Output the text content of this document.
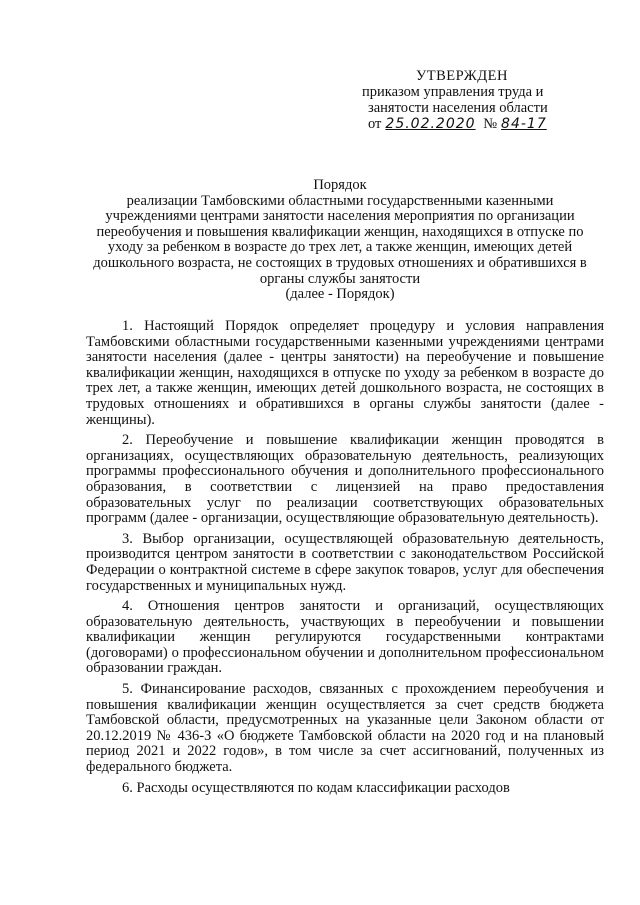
УТВЕРЖДЕН
приказом управления труда и
занятости населения области
от 25.02.2020 № 84-17
Порядок
реализации Тамбовскими областными государственными казенными
учреждениями центрами занятости населения мероприятия по организации
переобучения и повышения квалификации женщин, находящихся в отпуске по
уходу за ребенком в возрасте до трех лет, а также женщин, имеющих детей
дошкольного возраста, не состоящих в трудовых отношениях и обратившихся в
органы службы занятости
(далее - Порядок)

1. Настоящий Порядок определяет процедуру и условия направления Тамбовскими областными государственными казенными учреждениями центрами занятости населения (далее - центры занятости) на переобучение и повышение квалификации женщин, находящихся в отпуске по уходу за ребенком в возрасте до трех лет, а также женщин, имеющих детей дошкольного возраста, не состоящих в трудовых отношениях и обратившихся в органы службы занятости (далее - женщины).

2. Переобучение и повышение квалификации женщин проводятся в организациях, осуществляющих образовательную деятельность, реализующих программы профессионального обучения и дополнительного профессионального образования, в соответствии с лицензией на право предоставления образовательных услуг по реализации соответствующих образовательных программ (далее - организации, осуществляющие образовательную деятельность).

3. Выбор организации, осуществляющей образовательную деятельность, производится центром занятости в соответствии с законодательством Российской Федерации о контрактной системе в сфере закупок товаров, услуг для обеспечения государственных и муниципальных нужд.

4. Отношения центров занятости и организаций, осуществляющих образовательную деятельность, участвующих в переобучении и повышении квалификации женщин регулируются государственными контрактами (договорами) о профессиональном обучении и дополнительном профессиональном образовании граждан.

5. Финансирование расходов, связанных с прохождением переобучения и повышения квалификации женщин осуществляется за счет средств бюджета Тамбовской области, предусмотренных на указанные цели Законом области от 20.12.2019 № 436-З «О бюджете Тамбовской области на 2020 год и на плановый период 2021 и 2022 годов», в том числе за счет ассигнований, полученных из федерального бюджета.

6. Расходы осуществляются по кодам классификации расходов
